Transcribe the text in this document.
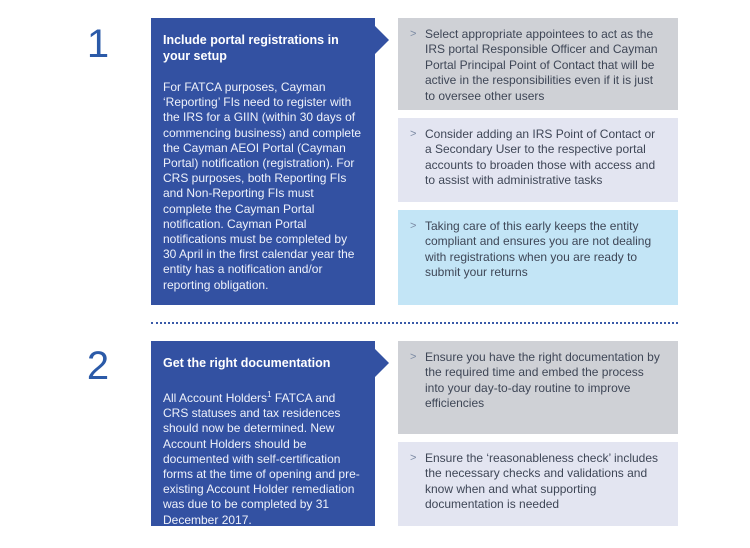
1	Include portal registrations in your setup
For FATCA purposes, Cayman ‘Reporting’ FIs need to register with the IRS for a GIIN (within 30 days of commencing business) and complete the Cayman AEOI Portal (Cayman Portal) notification (registration). For CRS purposes, both Reporting FIs and Non-Reporting FIs must complete the Cayman Portal notification. Cayman Portal notifications must be completed by 30 April in the first calendar year the entity has a notification and/or reporting obligation.
> Select appropriate appointees to act as the IRS portal Responsible Officer and Cayman Portal Principal Point of Contact that will be active in the responsibilities even if it is just to oversee other users
> Consider adding an IRS Point of Contact or a Secondary User to the respective portal accounts to broaden those with access and to assist with administrative tasks
> Taking care of this early keeps the entity compliant and ensures you are not dealing with registrations when you are ready to submit your returns
2	Get the right documentation
All Account Holders$^1$ FATCA and CRS statuses and tax residences should now be determined. New Account Holders should be documented with self-certification forms at the time of opening and pre-existing Account Holder remediation was due to be completed by 31 December 2017.
> Ensure you have the right documentation by the required time and embed the process into your day-to-day routine to improve efficiencies
> Ensure the ‘reasonableness check’ includes the necessary checks and validations and know when and what supporting documentation is needed
